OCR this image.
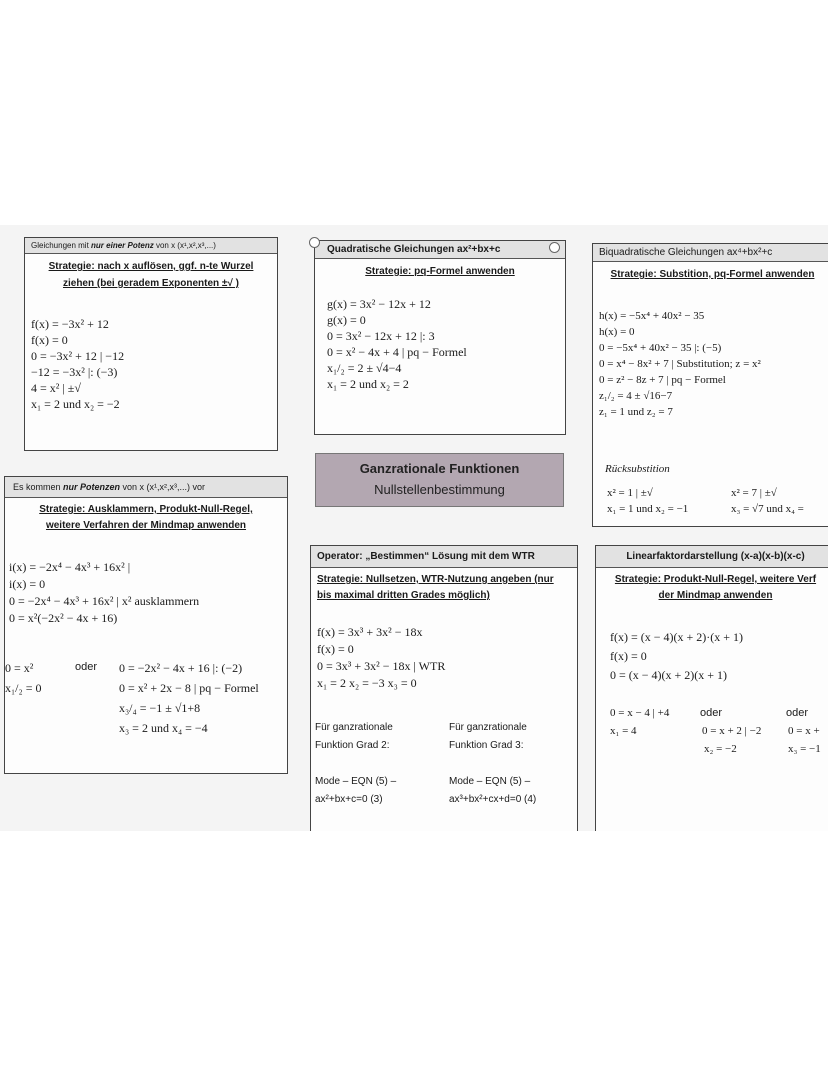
Gleichungen mit nur einer Potenz von x (x¹,x²,x³,...)
Strategie: nach x auflösen, ggf. n-te Wurzel
ziehen (bei geradem Exponenten ±√ )
f(x) = −3x² + 12
f(x) = 0
0 = −3x² + 12 | −12
−12 = −3x² |: (−3)
4 = x² | ±√
x₁ = 2 und x₂ = −2
Quadratische Gleichungen ax²+bx+c
Strategie: pq-Formel anwenden
g(x) = 3x² − 12x + 12
g(x) = 0
0 = 3x² − 12x + 12 |: 3
0 = x² − 4x + 4 | pq − Formel
x₁/₂ = 2 ± √4−4
x₁ = 2 und x₂ = 2
Biquadratische Gleichungen ax⁴+bx²+c
Strategie: Substition, pq-Formel anwenden
h(x) = −5x⁴ + 40x² − 35
h(x) = 0
0 = −5x⁴ + 40x² − 35 |: (−5)
0 = x⁴ − 8x² + 7 | Substitution; z = x²
0 = z² − 8z + 7 | pq − Formel
z₁/₂ = 4 ± √16−7
z₁ = 1 und z₂ = 7
Rücksubstition
x² = 1 | ±√
x₁ = 1 und x₂ = −1
x² = 7 | ±√
x₃ = √7 und x₄ =
Ganzrationale Funktionen
Nullstellenbestimmung
Es kommen nur Potenzen von x (x¹,x²,x³,...) vor
Strategie: Ausklammern, Produkt-Null-Regel,
weitere Verfahren der Mindmap anwenden
i(x) = −2x⁴ − 4x³ + 16x² |
i(x) = 0
0 = −2x⁴ − 4x³ + 16x² | x² ausklammern
0 = x²(−2x² − 4x + 16)
0 = x²
x₁/₂ = 0
oder 0 = −2x² − 4x + 16 |: (−2)
0 = x² + 2x − 8 | pq − Formel
x₃/₄ = −1 ± √1+8
x₃ = 2 und x₄ = −4
Operator: „Bestimmen“ Lösung mit dem WTR
Strategie: Nullsetzen, WTR-Nutzung angeben (nur
bis maximal dritten Grades möglich)
f(x) = 3x³ + 3x² − 18x
f(x) = 0
0 = 3x³ + 3x² − 18x | WTR
x₁ = 2 x₂ = −3 x₃ = 0
Für ganzrationale
Funktion Grad 2:
Mode – EQN (5) –
ax²+bx+c=0 (3)
Für ganzrationale
Funktion Grad 3:
Mode – EQN (5) –
ax³+bx²+cx+d=0 (4)
Linearfaktordarstellung (x-a)(x-b)(x-c)
Strategie: Produkt-Null-Regel, weitere Verf
der Mindmap anwenden
f(x) = (x − 4)(x + 2)·(x + 1)
f(x) = 0
0 = (x − 4)(x + 2)(x + 1)
0 = x − 4 | +4
x₁ = 4
oder
0 = x + 2 | −2
x₂ = −2
oder
0 = x +
x₃ = −1
